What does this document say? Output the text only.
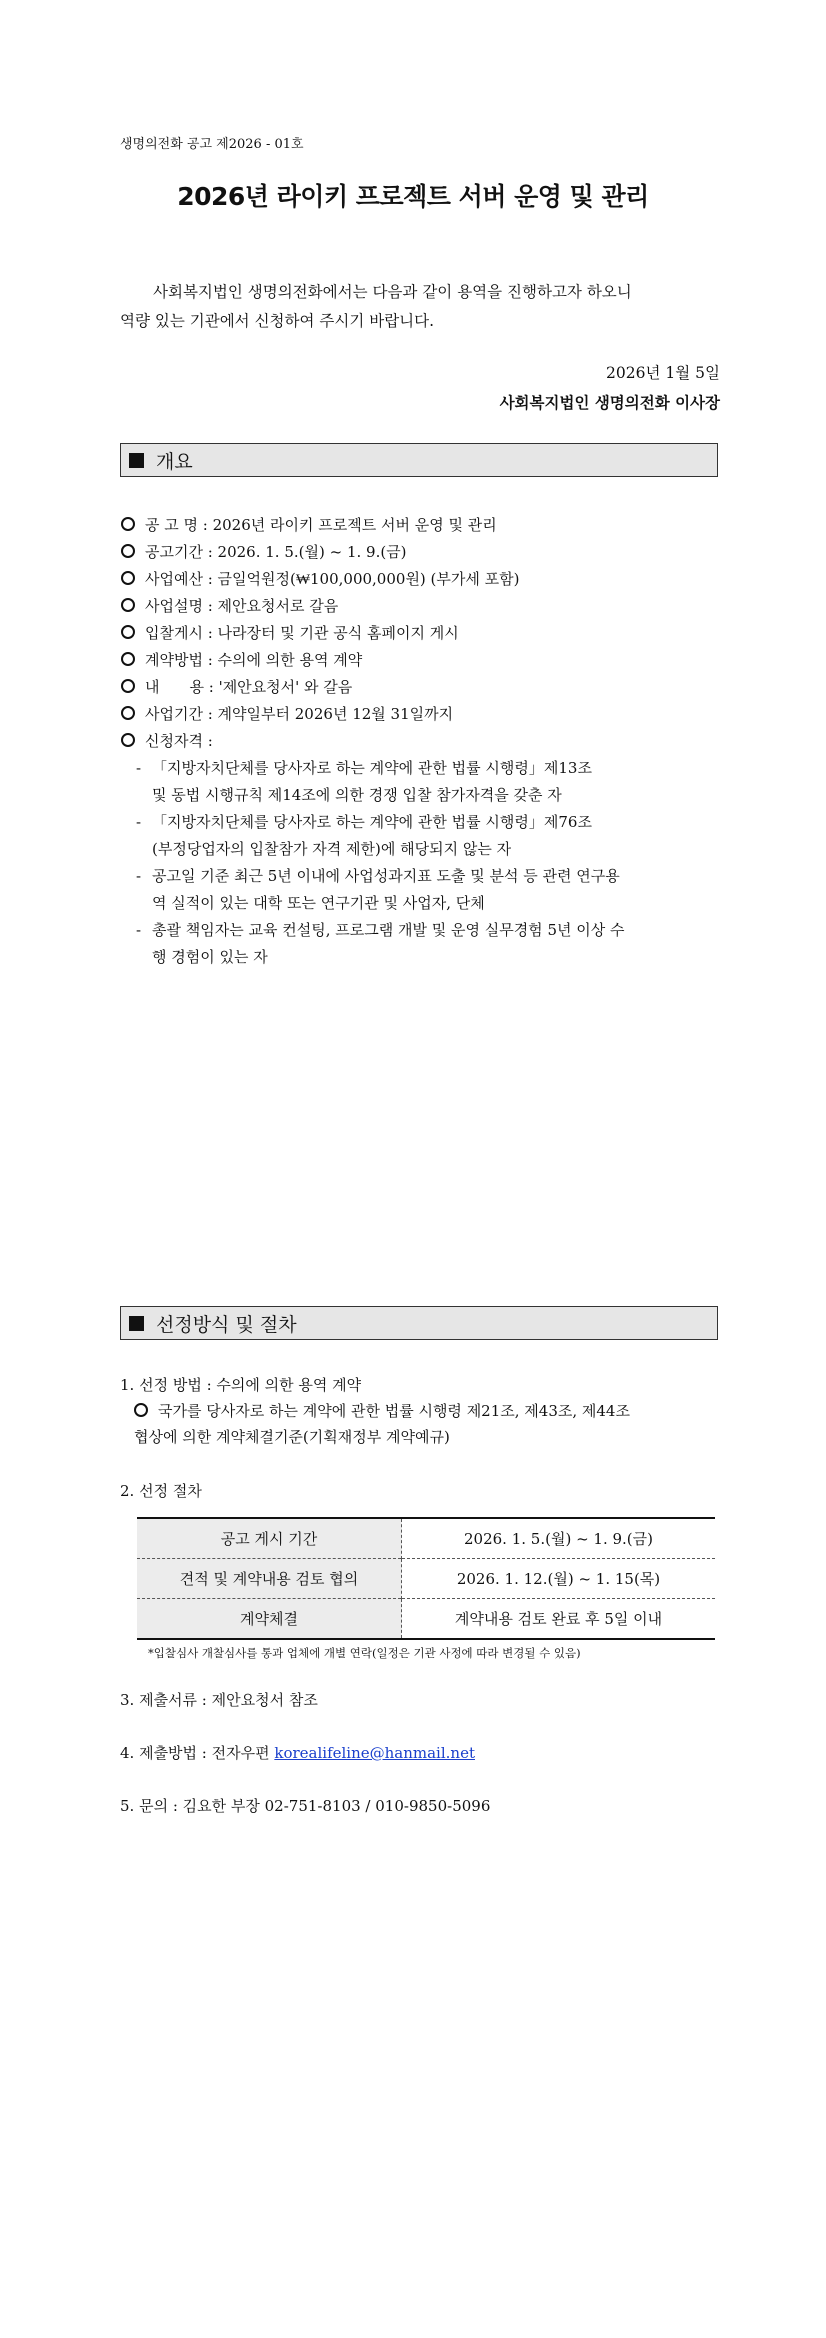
생명의전화 공고 제2026 - 01호
2026년 라이키 프로젝트 서버 운영 및 관리

사회복지법인 생명의전화에서는 다음과 같이 용역을 진행하고자 하오니

역량 있는 기관에서 신청하여 주시기 바랍니다.

2026년 1월 5일
사회복지법인 생명의전화 이사장
개요
공 고 명 : 2026년 라이키 프로젝트 서버 운영 및 관리
공고기간 : 2026. 1. 5.(월) ~ 1. 9.(금)
사업예산 : 금일억원정(₩100,000,000원) (부가세 포함)
사업설명 : 제안요청서로 갈음
입찰게시 : 나라장터 및 기관 공식 홈페이지 게시
계약방법 : 수의에 의한 용역 계약
내　　용 : '제안요청서' 와 갈음
사업기간 : 계약일부터 2026년 12월 31일까지
신청자격 :
- 「지방자치단체를 당사자로 하는 계약에 관한 법률 시행령」제13조
및 동법 시행규칙 제14조에 의한 경쟁 입찰 참가자격을 갖춘 자
- 「지방자치단체를 당사자로 하는 계약에 관한 법률 시행령」제76조
(부정당업자의 입찰참가 자격 제한)에 해당되지 않는 자
- 공고일 기준 최근 5년 이내에 사업성과지표 도출 및 분석 등 관련 연구용
역 실적이 있는 대학 또는 연구기관 및 사업자, 단체
- 총괄 책임자는 교육 컨설팅, 프로그램 개발 및 운영 실무경험 5년 이상 수
행 경험이 있는 자
선정방식 및 절차
1. 선정 방법 : 수의에 의한 용역 계약
국가를 당사자로 하는 계약에 관한 법률 시행령 제21조, 제43조, 제44조
협상에 의한 계약체결기준(기획재정부 계약예규)
2. 선정 절차
공고 게시 기간	2026. 1. 5.(월) ~ 1. 9.(금)
견적 및 계약내용 검토 협의	2026. 1. 12.(월) ~ 1. 15(목)
계약체결	계약내용 검토 완료 후 5일 이내
*입찰심사 개찰심사를 통과 업체에 개별 연락(일정은 기관 사정에 따라 변경될 수 있음)
3. 제출서류 : 제안요청서 참조
4. 제출방법 : 전자우편 korealifeline@hanmail.net
5. 문의 : 김요한 부장 02-751-8103 / 010-9850-5096
